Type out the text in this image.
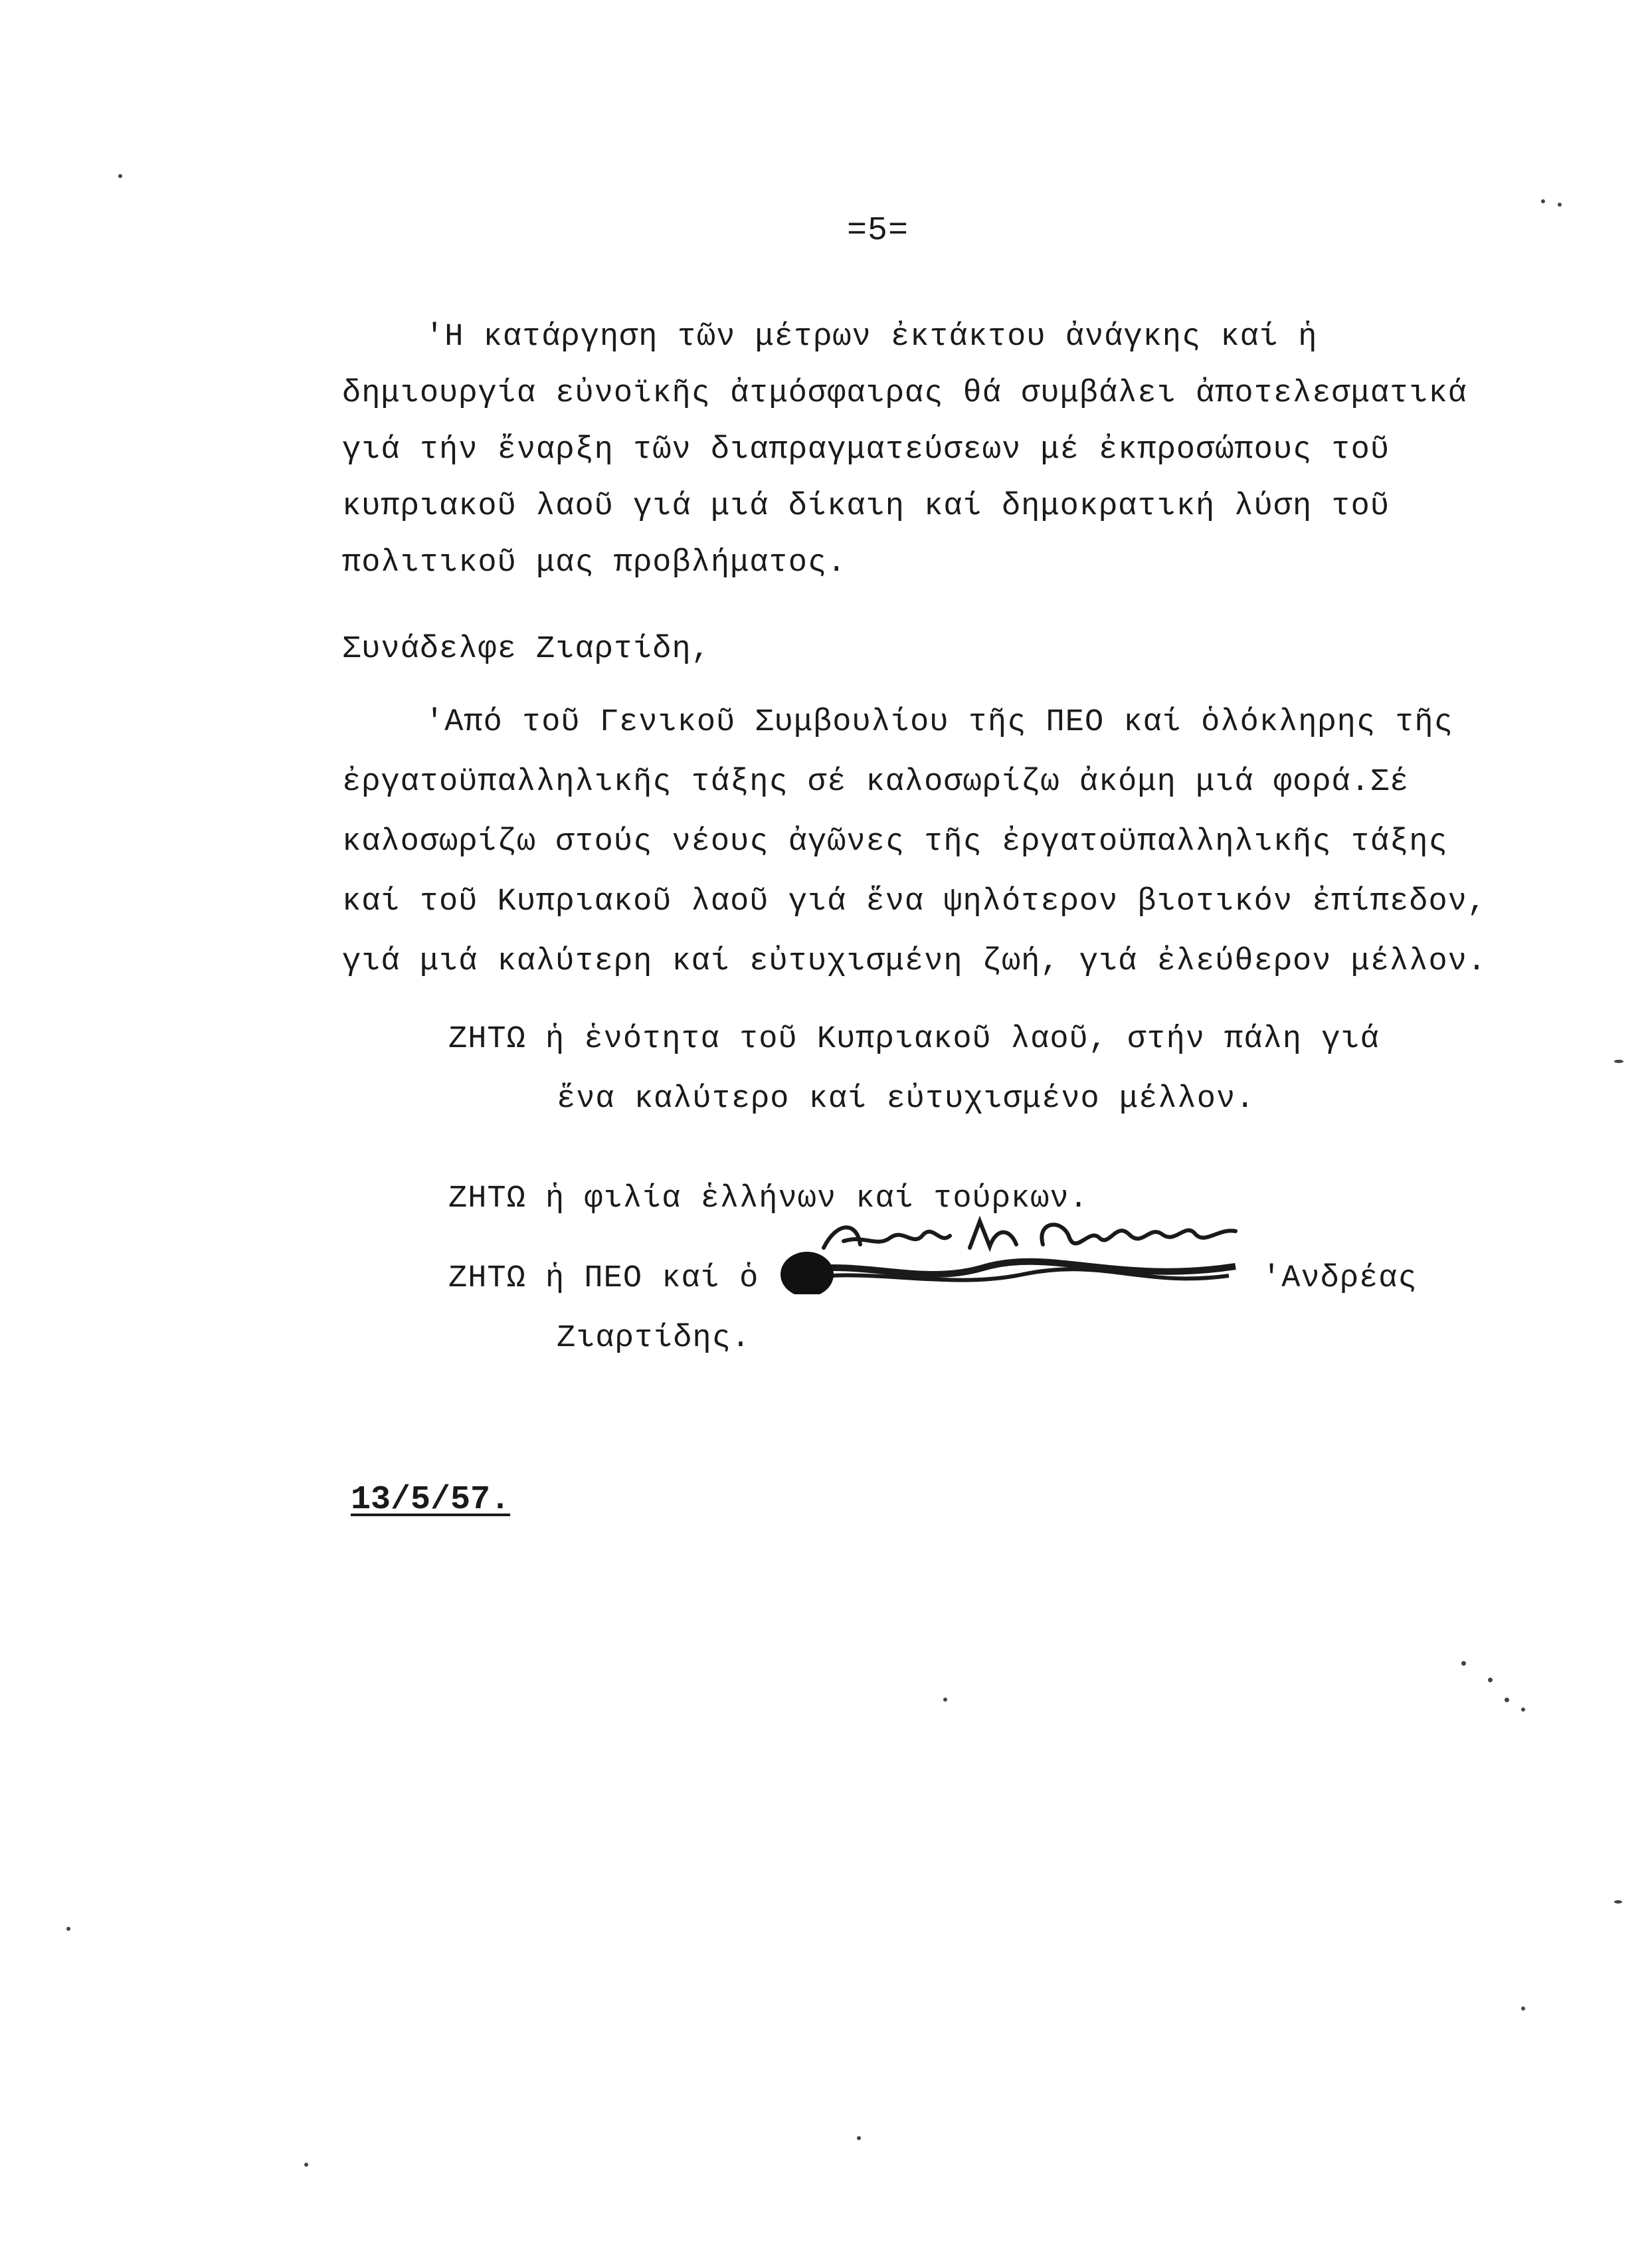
=5=
'Η κατάργηση τῶν μέτρων ἐκτάκτου ἀνάγκης καί ἡ
δημιουργία εὐνοϊκῆς ἀτμόσφαιρας θά συμβάλει ἀποτελεσματικά
γιά τήν ἔναρξη τῶν διαπραγματεύσεων μέ ἐκπροσώπους τοῦ
κυπριακοῦ λαοῦ γιά μιά δίκαιη καί δημοκρατική λύση τοῦ
πολιτικοῦ μας προβλήματος.
Συνάδελφε Ζιαρτίδη,
'Από τοῦ Γενικοῦ Συμβουλίου τῆς ΠΕΟ καί ὁλόκληρης τῆς
ἐργατοϋπαλληλικῆς τάξης σέ καλοσωρίζω ἀκόμη μιά φορά.Σέ
καλοσωρίζω στούς νέους ἀγῶνες τῆς ἐργατοϋπαλληλικῆς τάξης
καί τοῦ Κυπριακοῦ λαοῦ γιά ἕνα ψηλότερον βιοτικόν ἐπίπεδον,
γιά μιά καλύτερη καί εὐτυχισμένη ζωή, γιά ἐλεύθερον μέλλον.
ΖΗΤΩ ἡ ἑνότητα τοῦ Κυπριακοῦ λαοῦ, στήν πάλη γιά
ἕνα καλύτερο καί εὐτυχισμένο μέλλον.
ΖΗΤΩ ἡ φιλία ἑλλήνων καί τούρκων.
ΖΗΤΩ ἡ ΠΕΟ καί ὁ	'Ανδρέας
Ζιαρτίδης.
13/5/57.
